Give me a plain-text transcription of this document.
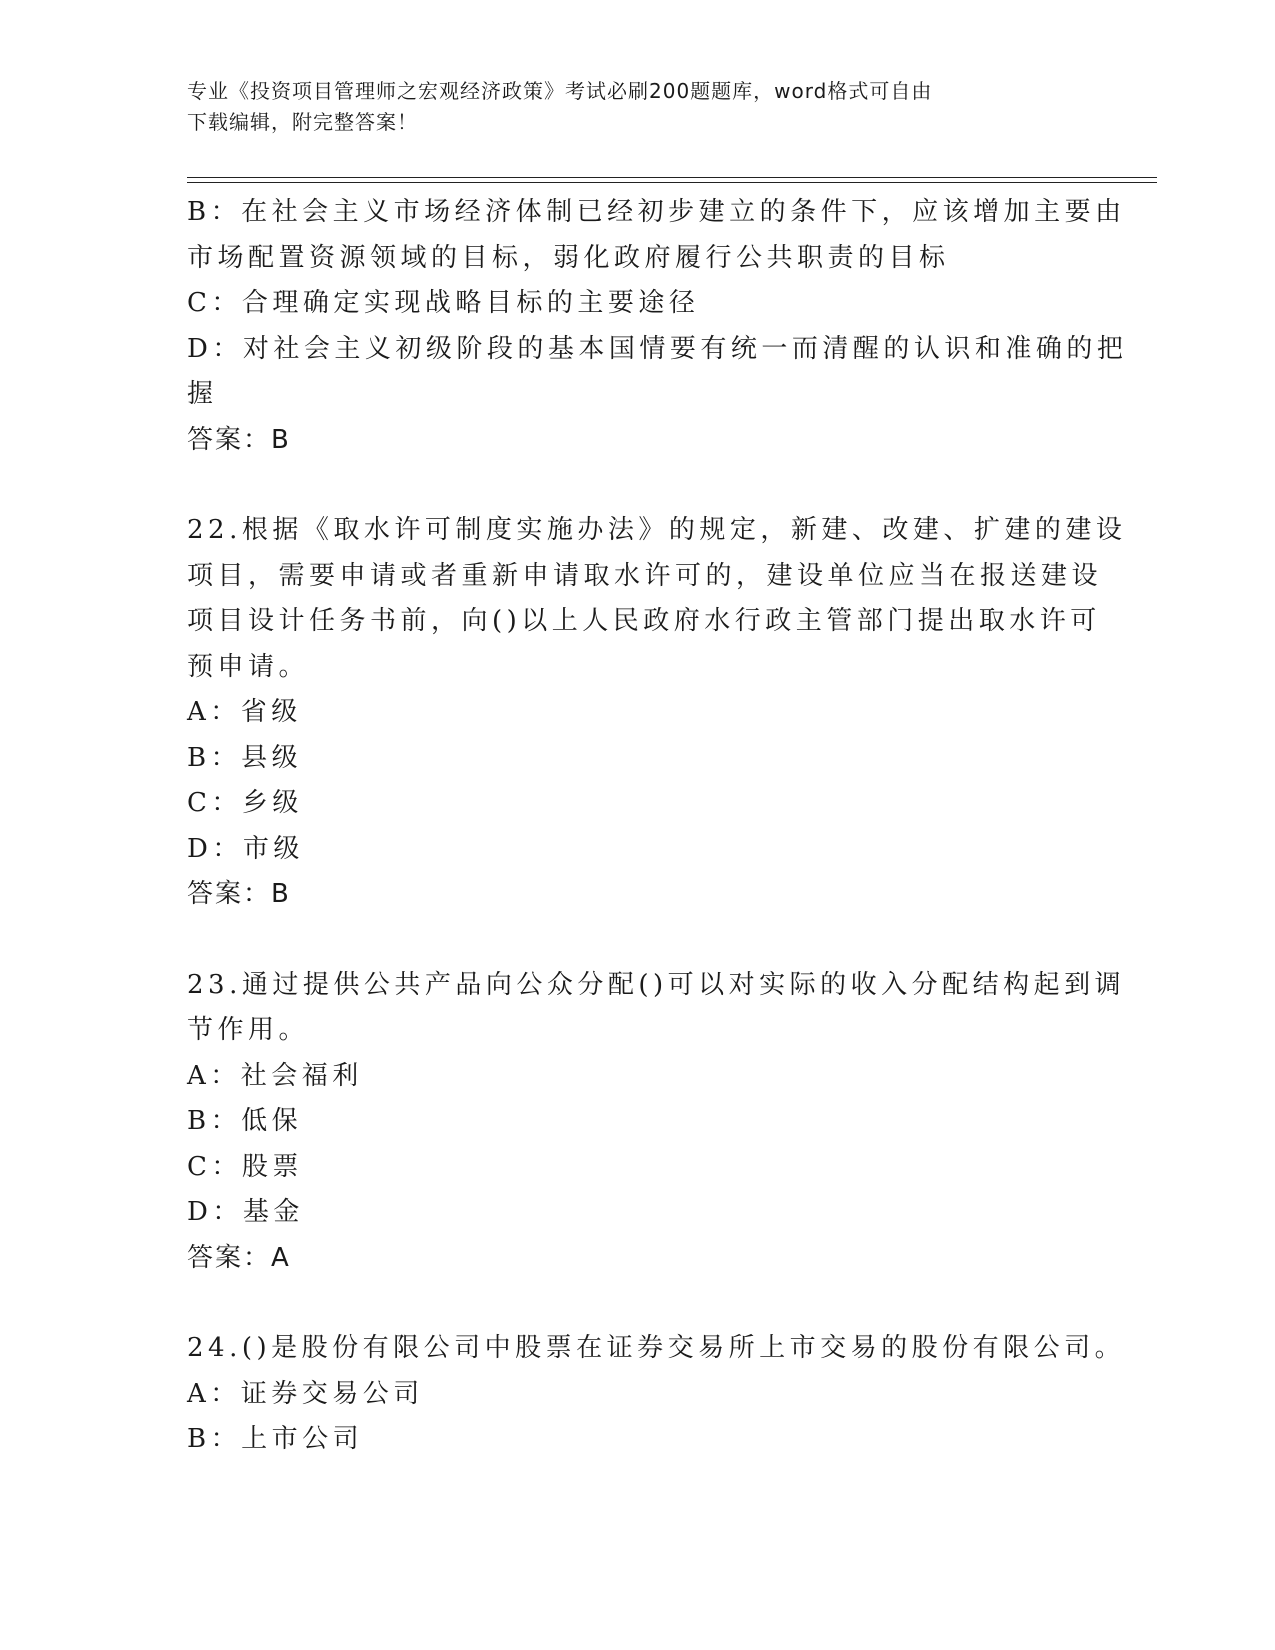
专业《投资项目管理师之宏观经济政策》考试必刷200题题库，word格式可自由
下载编辑，附完整答案！
B：在社会主义市场经济体制已经初步建立的条件下，应该增加主要由
市场配置资源领域的目标，弱化政府履行公共职责的目标
C：合理确定实现战略目标的主要途径
D：对社会主义初级阶段的基本国情要有统一而清醒的认识和准确的把
握
答案：B
22.根据《取水许可制度实施办法》的规定，新建、改建、扩建的建设
项目，需要申请或者重新申请取水许可的，建设单位应当在报送建设
项目设计任务书前，向()以上人民政府水行政主管部门提出取水许可
预申请。
A：省级
B：县级
C：乡级
D：市级
答案：B
23.通过提供公共产品向公众分配()可以对实际的收入分配结构起到调
节作用。
A：社会福利
B：低保
C：股票
D：基金
答案：A
24.()是股份有限公司中股票在证券交易所上市交易的股份有限公司。
A：证券交易公司
B：上市公司
